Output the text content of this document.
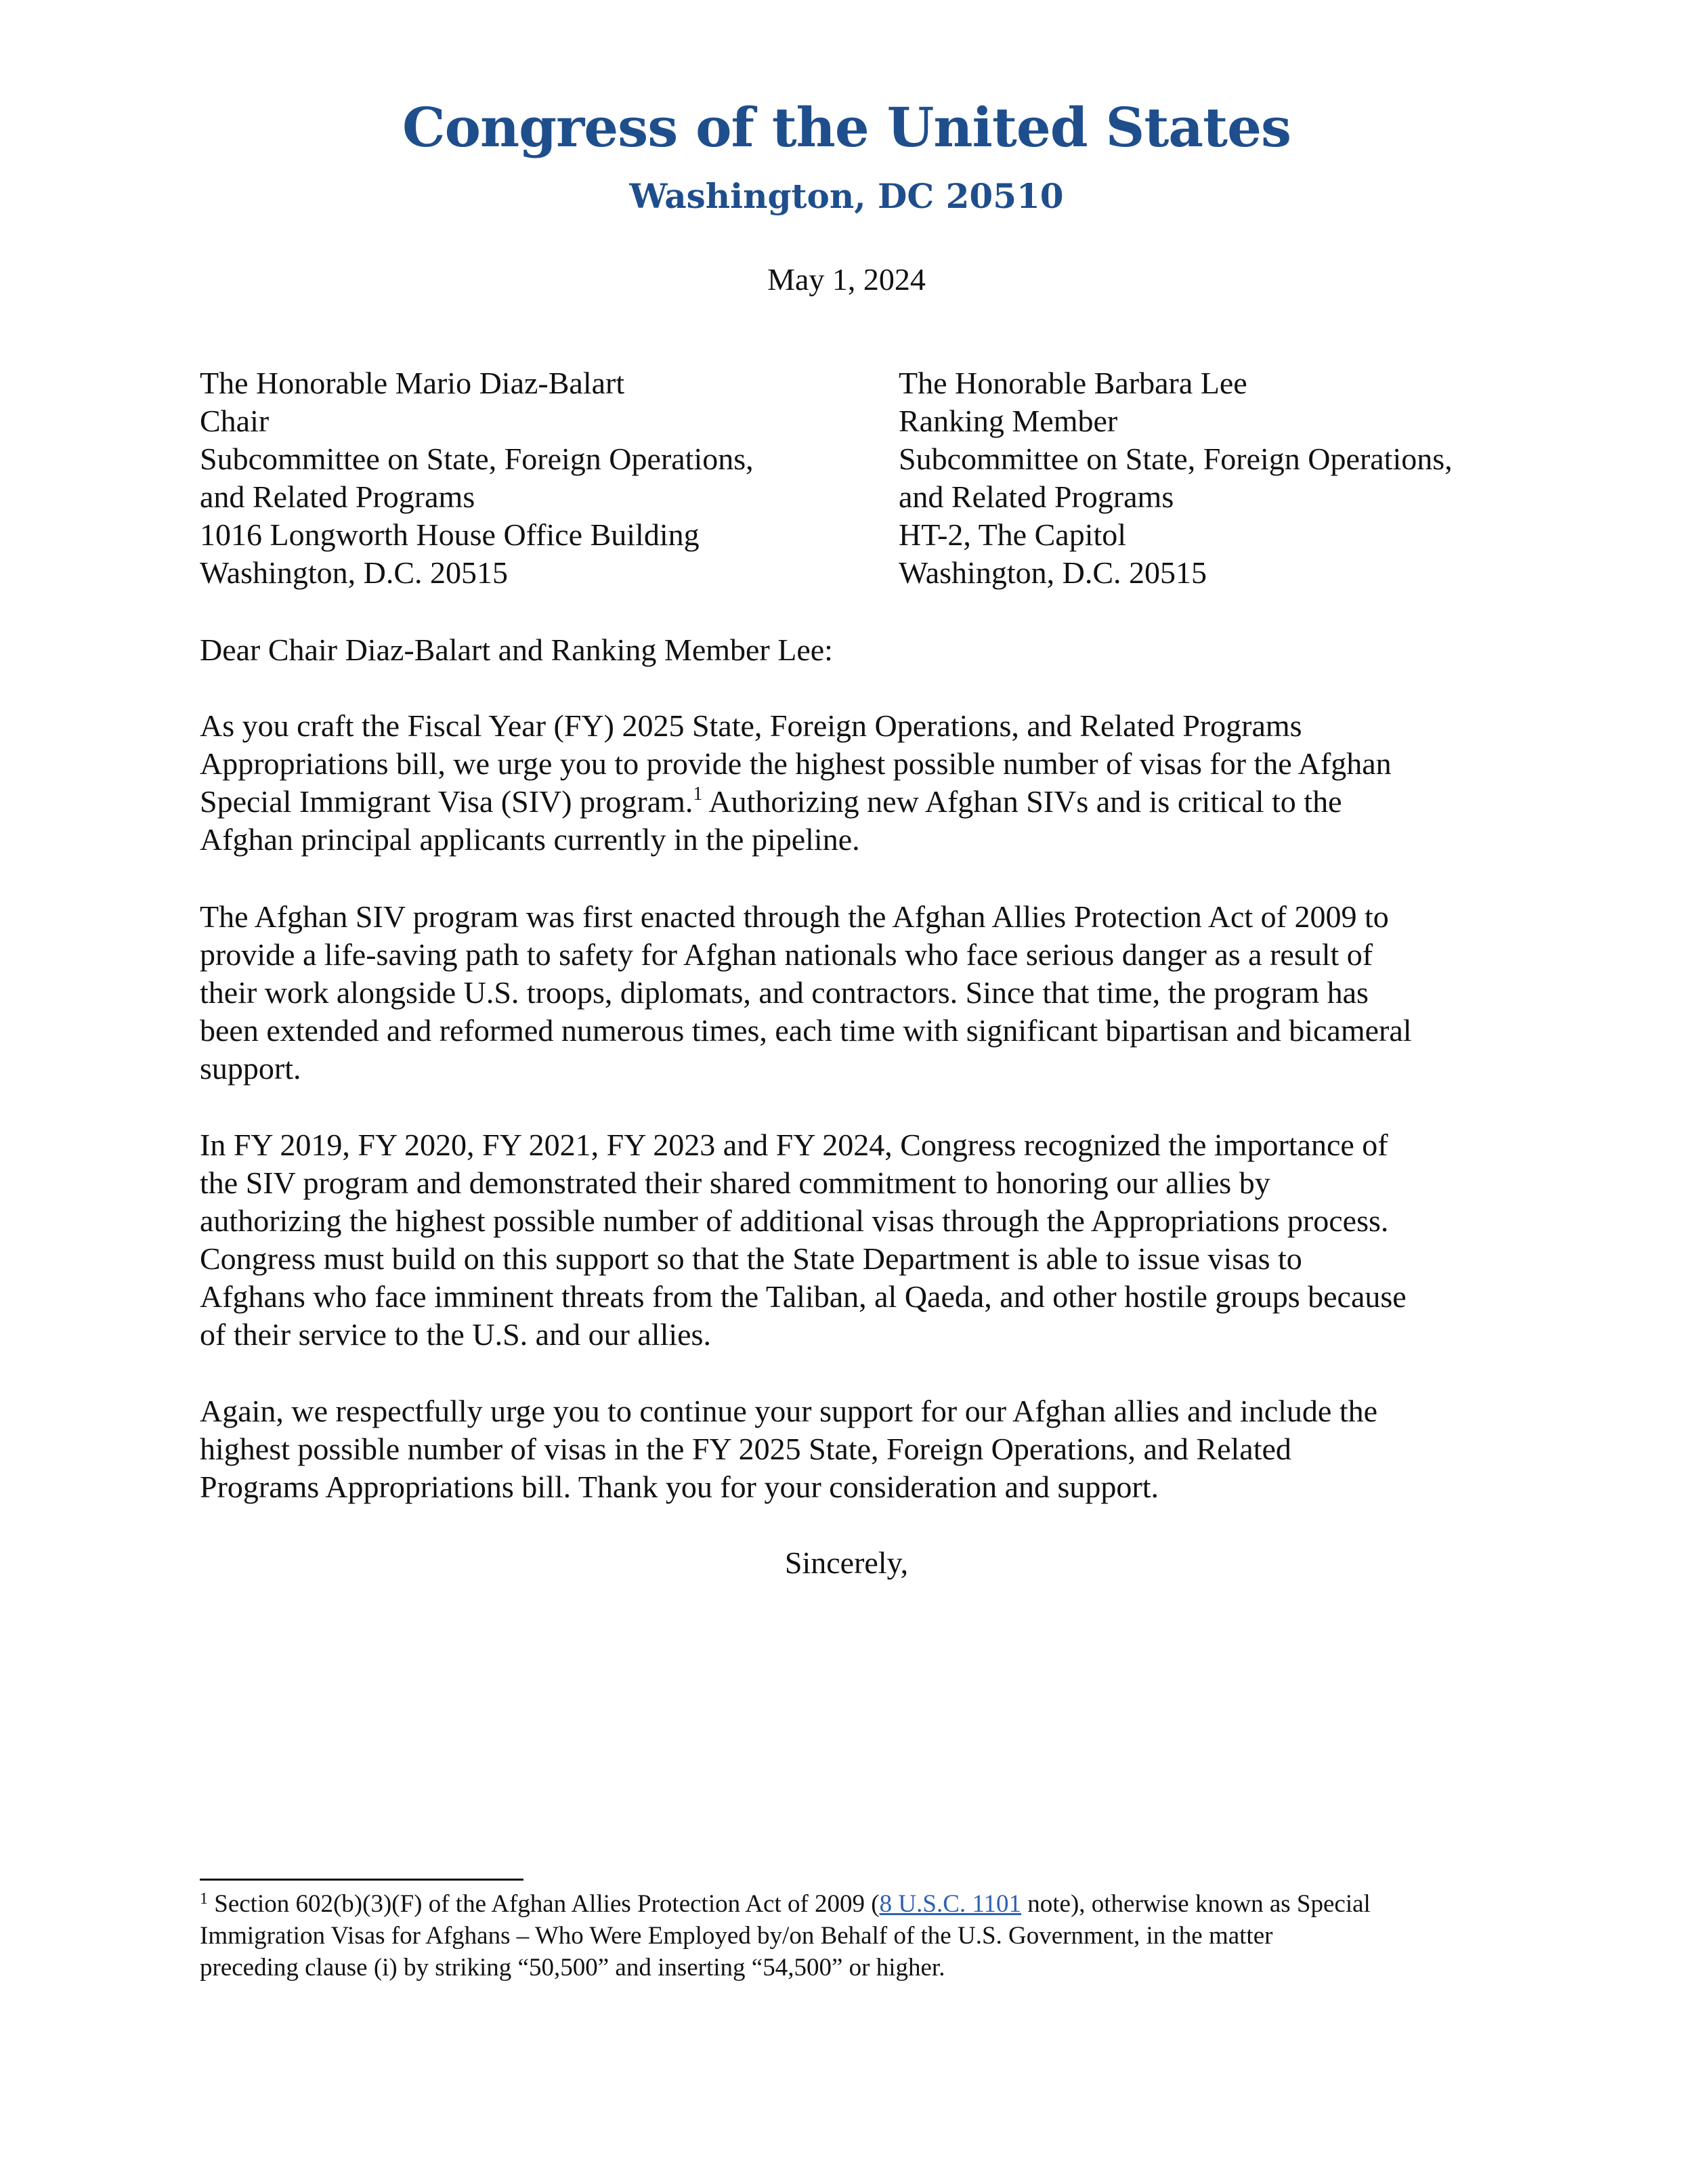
Congress of the United States
Washington, DC 20510
May 1, 2024
The Honorable Mario Diaz-Balart
Chair
Subcommittee on State, Foreign Operations,
and Related Programs
1016 Longworth House Office Building
Washington, D.C. 20515
The Honorable Barbara Lee
Ranking Member
Subcommittee on State, Foreign Operations,
and Related Programs
HT-2, The Capitol
Washington, D.C. 20515
Dear Chair Diaz-Balart and Ranking Member Lee:
As you craft the Fiscal Year (FY) 2025 State, Foreign Operations, and Related Programs
Appropriations bill, we urge you to provide the highest possible number of visas for the Afghan
Special Immigrant Visa (SIV) program.$^1$ Authorizing new Afghan SIVs and is critical to the
Afghan principal applicants currently in the pipeline.
The Afghan SIV program was first enacted through the Afghan Allies Protection Act of 2009 to
provide a life-saving path to safety for Afghan nationals who face serious danger as a result of
their work alongside U.S. troops, diplomats, and contractors. Since that time, the program has
been extended and reformed numerous times, each time with significant bipartisan and bicameral
support.
In FY 2019, FY 2020, FY 2021, FY 2023 and FY 2024, Congress recognized the importance of
the SIV program and demonstrated their shared commitment to honoring our allies by
authorizing the highest possible number of additional visas through the Appropriations process.
Congress must build on this support so that the State Department is able to issue visas to
Afghans who face imminent threats from the Taliban, al Qaeda, and other hostile groups because
of their service to the U.S. and our allies.
Again, we respectfully urge you to continue your support for our Afghan allies and include the
highest possible number of visas in the FY 2025 State, Foreign Operations, and Related
Programs Appropriations bill. Thank you for your consideration and support.
Sincerely,
$^1$ Section 602(b)(3)(F) of the Afghan Allies Protection Act of 2009 (8 U.S.C. 1101 note), otherwise known as Special
Immigration Visas for Afghans – Who Were Employed by/on Behalf of the U.S. Government, in the matter
preceding clause (i) by striking “50,500” and inserting “54,500” or higher.
